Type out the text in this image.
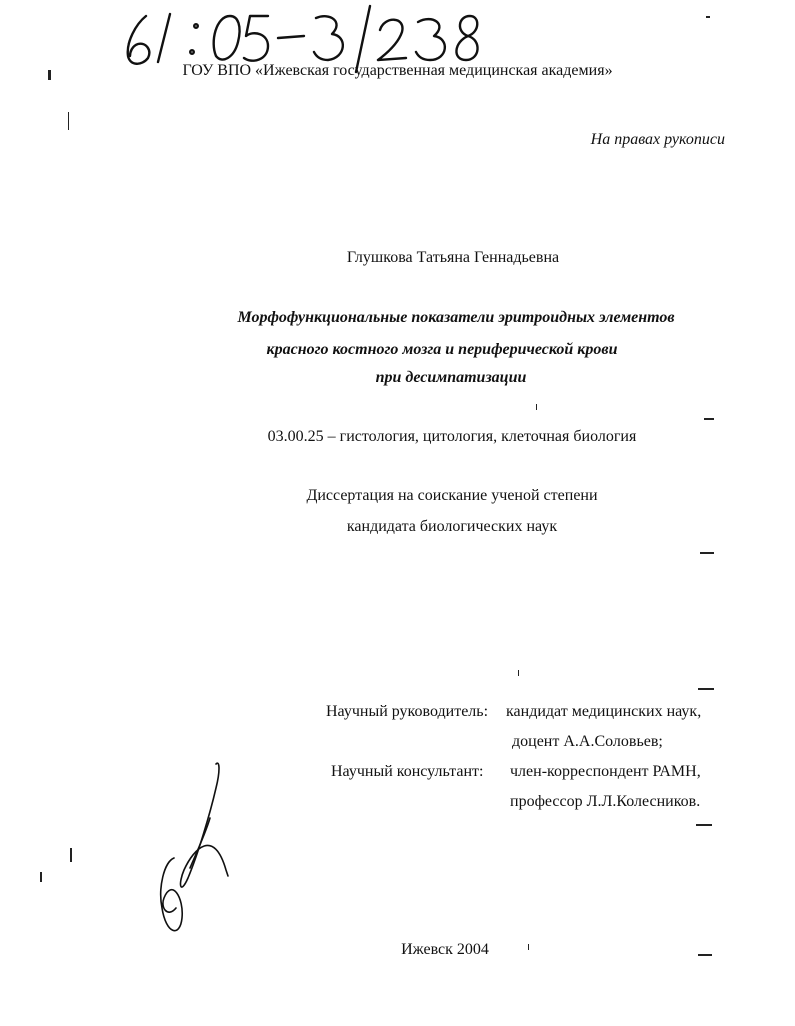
ГОУ ВПО «Ижевская государственная медицинская академия»
На правах рукописи
Глушкова Татьяна Геннадьевна
Морфофункциональные показатели эритроидных элементов
красного костного мозга и периферической крови
при десимпатизации
03.00.25 – гистология, цитология, клеточная биология
Диссертация на соискание ученой степени
кандидата биологических наук
Научный руководитель: кандидат медицинских наук,
доцент А.А.Соловьев;
Научный консультант: член-корреспондент РАМН,
профессор Л.Л.Колесников.
Ижевск 2004
